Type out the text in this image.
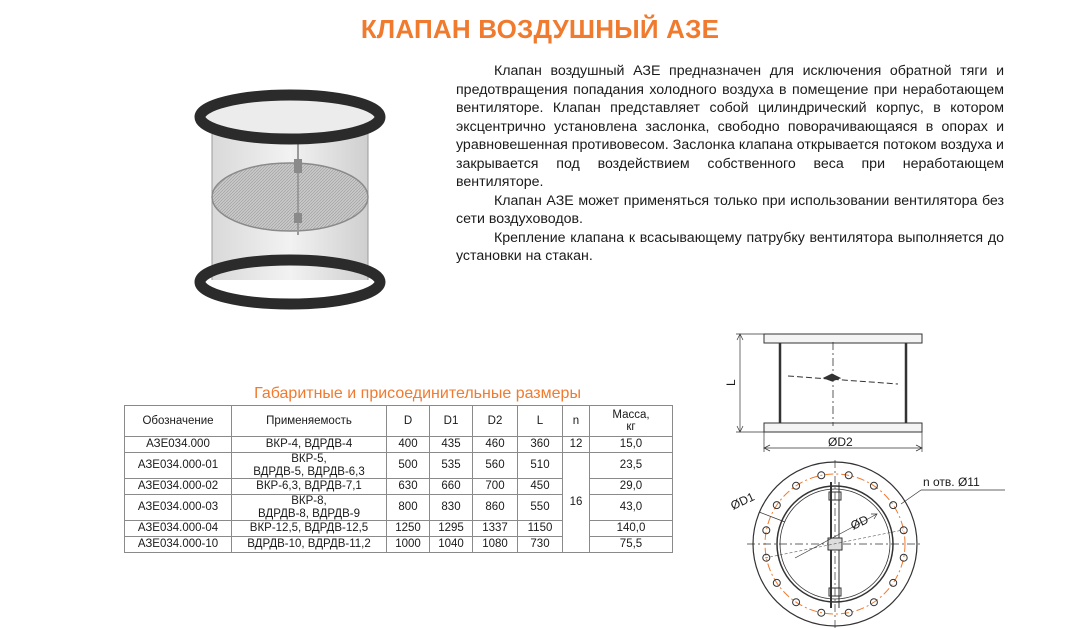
КЛАПАН ВОЗДУШНЫЙ АЗЕ

Клапан воздушный АЗЕ предназначен для исключения обратной тяги и предотвращения попадания холодного воздуха в помещение при неработающем вентиляторе. Клапан представляет собой цилиндрический корпус, в котором эксцентрично установлена заслонка, свободно поворачивающаяся в опорах и уравновешенная противовесом. Заслонка клапана открывается потоком воздуха и закрывается под воздействием собственного веса при неработающем вентиляторе.

Клапан АЗЕ может применяться только при использовании вентилятора без сети воздуховодов.

Крепление клапана к всасывающему патрубку вентилятора выполняется до установки на стакан.

Габаритные и присоединительные размеры
Обозначение	Применяемость	D	D1	D2	L	n	Масса,
кг
АЗЕ034.000	ВКР-4, ВДРДВ-4	400	435	460	360	12	15,0
АЗЕ034.000-01	ВКР-5,
ВДРДВ-5, ВДРДВ-6,3	500	535	560	510	16	23,5
АЗЕ034.000-02	ВКР-6,3, ВДРДВ-7,1	630	660	700	450		29,0
АЗЕ034.000-03	ВКР-8,
ВДРДВ-8, ВДРДВ-9	800	830	860	550		43,0
АЗЕ034.000-04	ВКР-12,5, ВДРДВ-12,5	1250	1295	1337	1150		140,0
АЗЕ034.000-10	ВДРДВ-10, ВДРДВ-11,2	1000	1040	1080	730		75,5
L
ØD2
ØD1
ØD
n отв. Ø11
